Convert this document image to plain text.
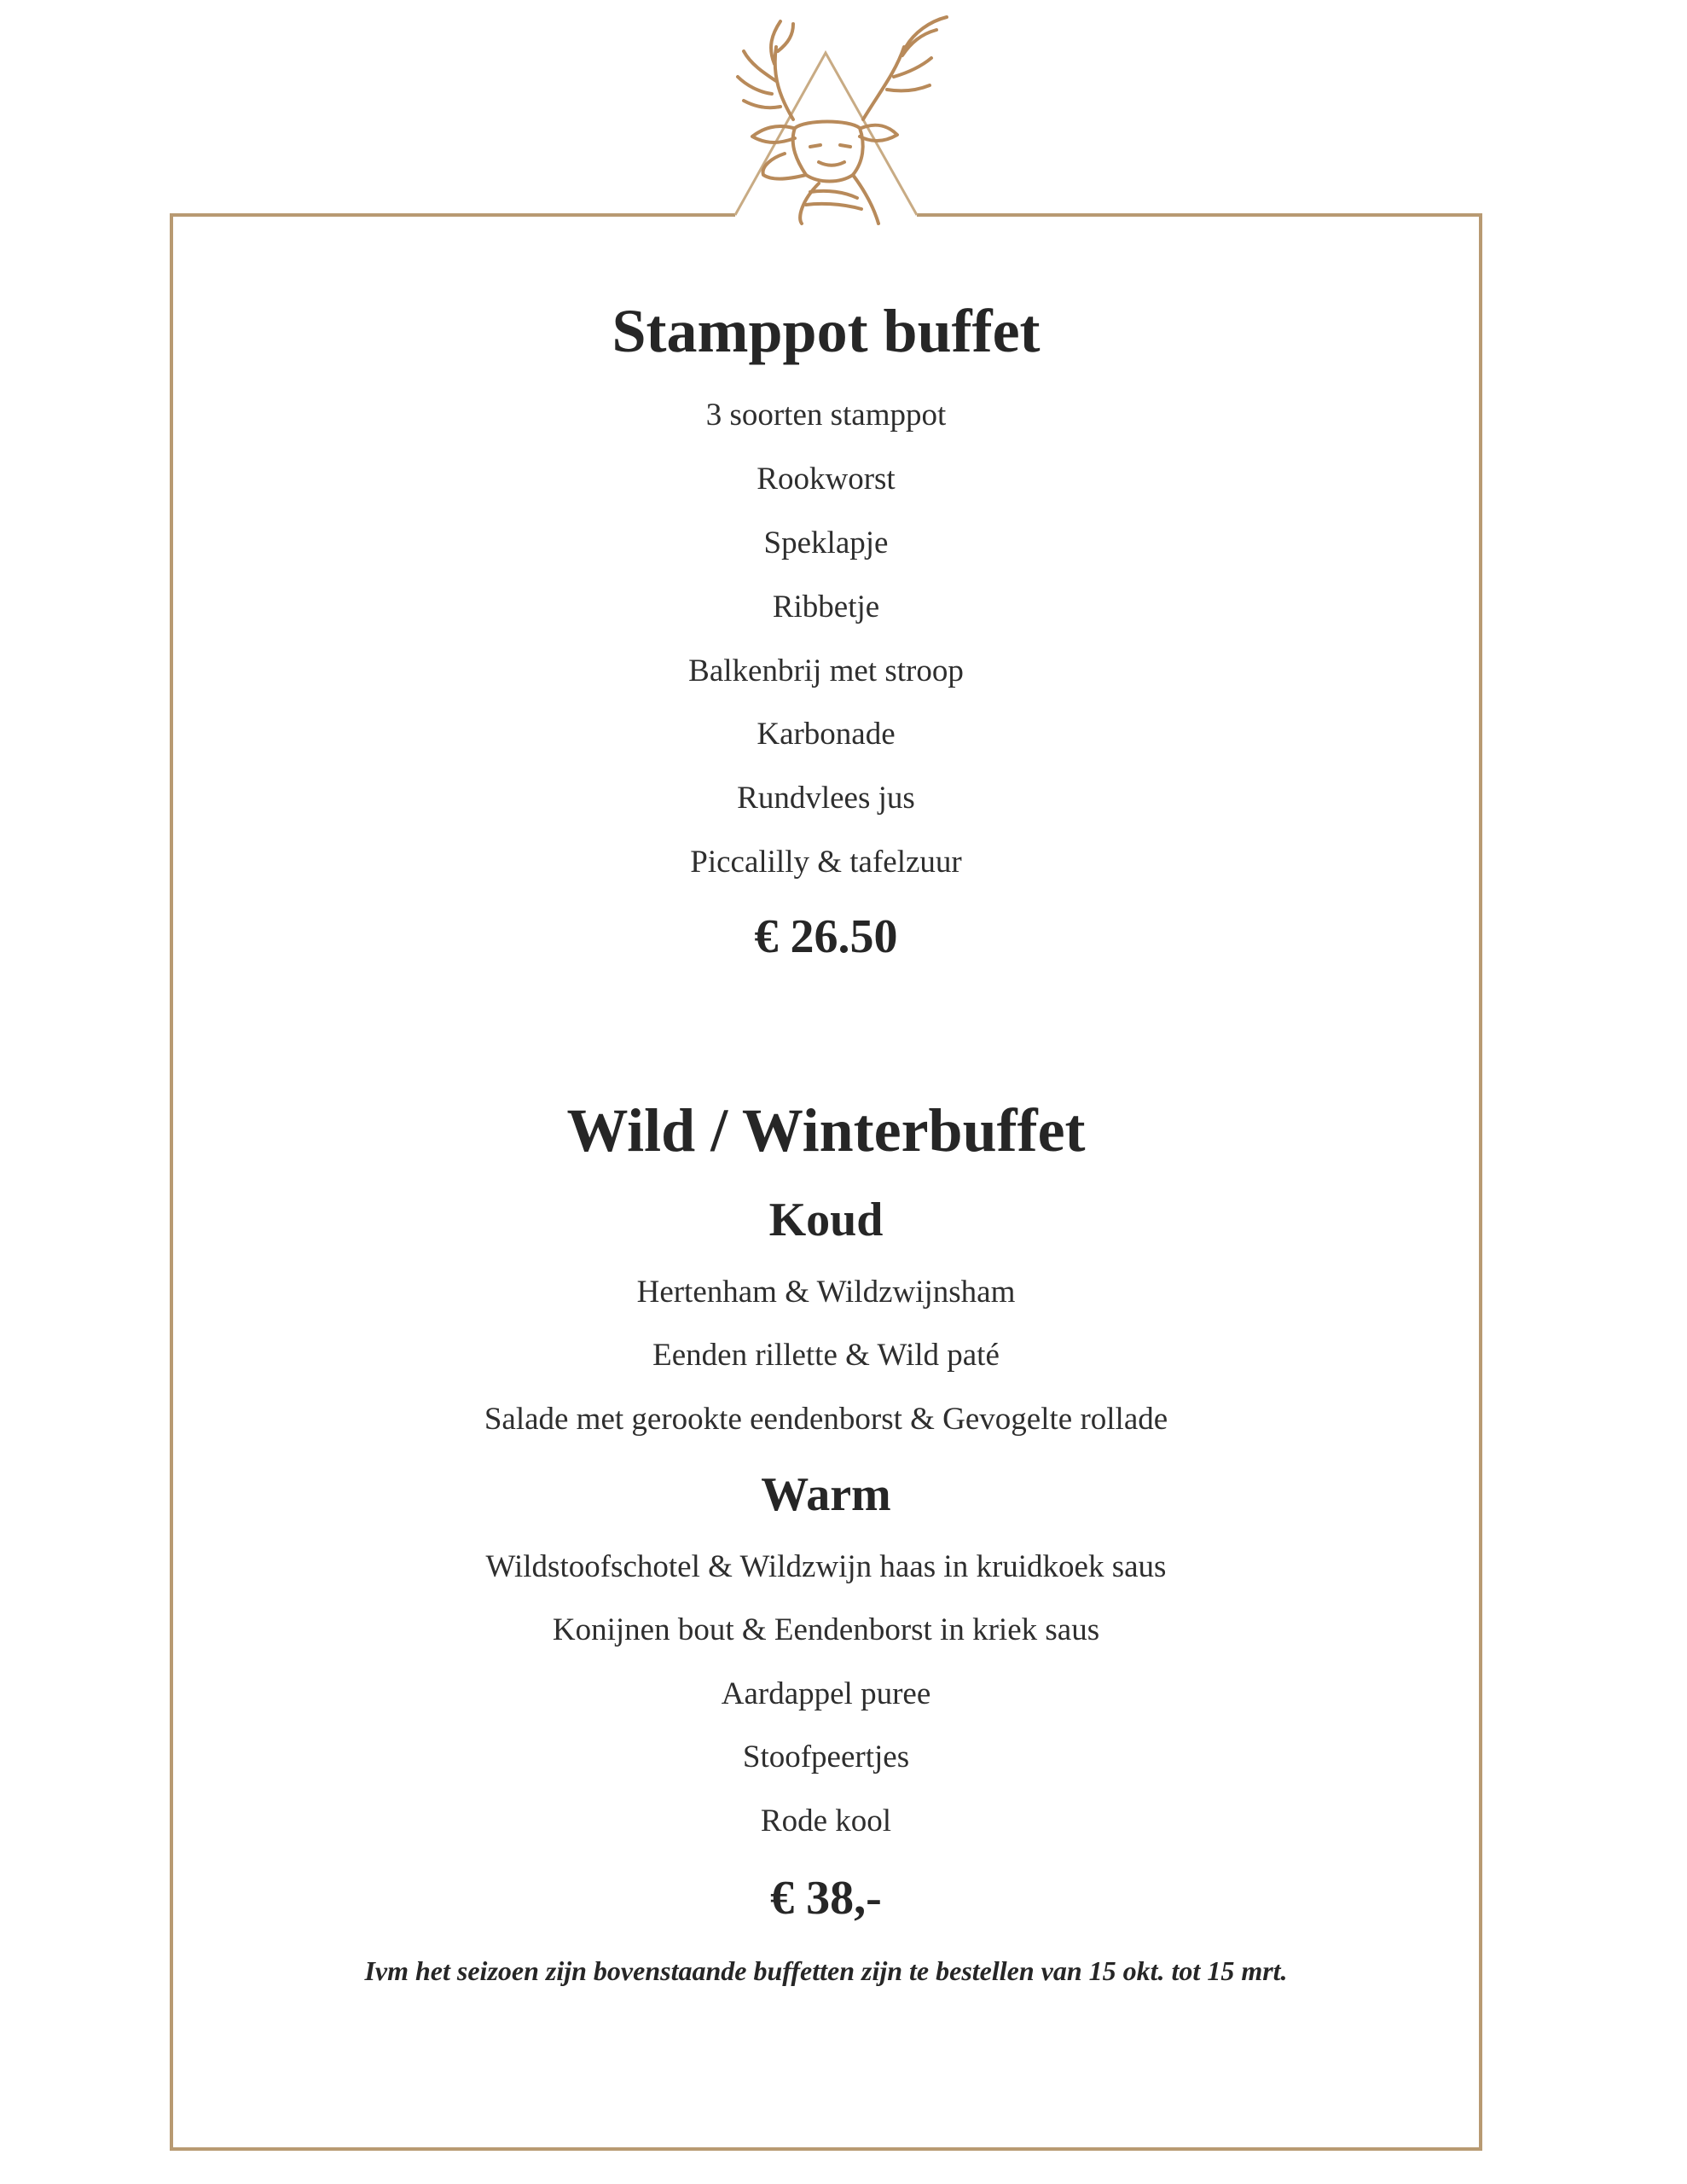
Stamppot buffet
3 soorten stamppot
Rookworst
Speklapje
Ribbetje
Balkenbrij met stroop
Karbonade
Rundvlees jus
Piccalilly & tafelzuur
€ 26.50
Wild / Winterbuffet
Koud
Hertenham & Wildzwijnsham
Eenden rillette & Wild paté
Salade met gerookte eendenborst & Gevogelte rollade
Warm
Wildstoofschotel & Wildzwijn haas in kruidkoek saus
Konijnen bout & Eendenborst in kriek saus
Aardappel puree
Stoofpeertjes
Rode kool
€ 38,-
Ivm het seizoen zijn bovenstaande buffetten zijn te bestellen van 15 okt. tot 15 mrt.
